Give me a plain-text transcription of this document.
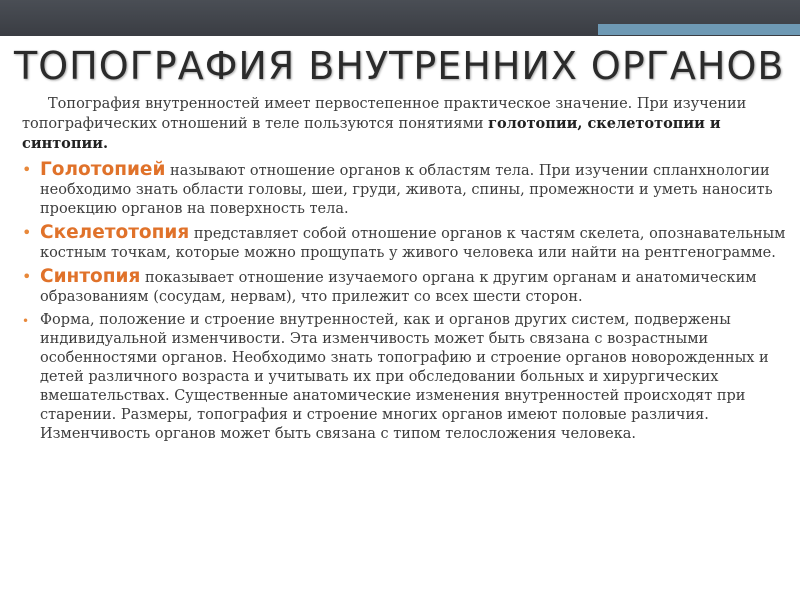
ТОПОГРАФИЯ ВНУТРЕННИХ ОРГАНОВ

Топография внутренностей имеет первостепенное практическое значение. При изучении топографических отношений в теле пользуются понятиями голотопии, скелетотопии и синтопии.

• Голотопией называют отношение органов к областям тела. При изучении спланхнологии необходимо знать области головы, шеи, груди, живота, спины, промежности и уметь наносить проекцию органов на поверхность тела.

• Скелетотопия представляет собой отношение органов к частям скелета, опознавательным костным точкам, которые можно прощупать у живого человека или найти на рентгенограмме.

• Синтопия показывает отношение изучаемого органа к другим органам и анатомическим образованиям (сосудам, нервам), что прилежит со всех шести сторон.

• Форма, положение и строение внутренностей, как и органов других систем, подвержены индивидуальной изменчивости. Эта изменчивость может быть связана с возрастными особенностями органов. Необходимо знать топографию и строение органов новорожденных и детей различного возраста и учитывать их при обследовании больных и хирургических вмешательствах. Существенные анатомические изменения внутренностей происходят при старении. Размеры, топография и строение многих органов имеют половые различия. Изменчивость органов может быть связана с типом телосложения человека.
